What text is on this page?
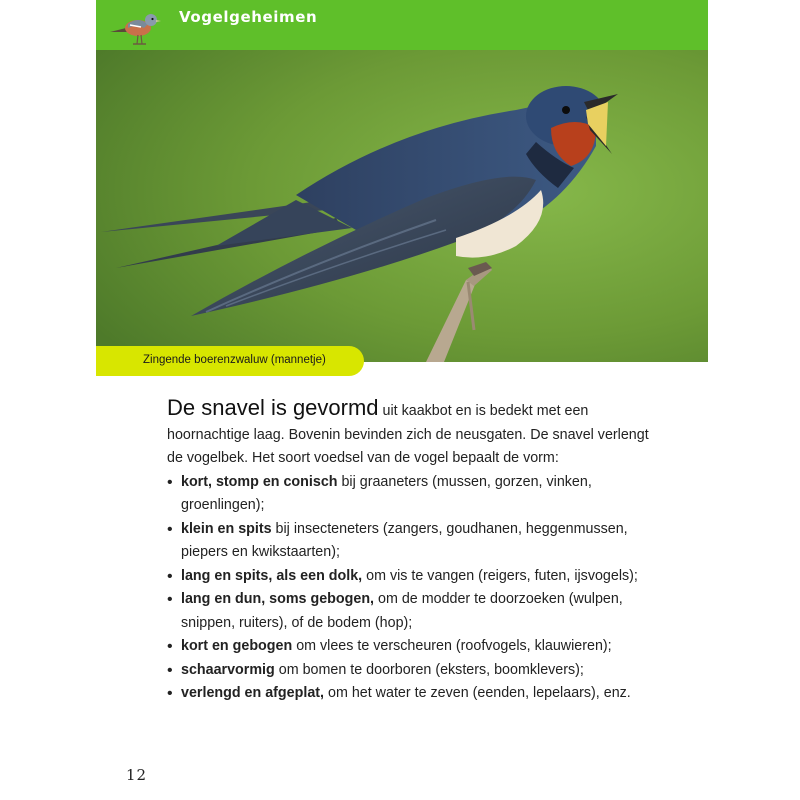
Vogelgeheimen
Zingende boerenzwaluw (mannetje)

De snavel is gevormd uit kaakbot en is bedekt met een hoornachtige laag. Bovenin bevinden zich de neusgaten. De snavel verlengt de vogelbek. Het soort voedsel van de vogel bepaalt de vorm:

• kort, stomp en conisch bij graaneters (mussen, gorzen, vinken, groenlingen);
• klein en spits bij insecteneters (zangers, goudhanen, heggenmussen, piepers en kwikstaarten);
• lang en spits, als een dolk, om vis te vangen (reigers, futen, ijsvogels);
• lang en dun, soms gebogen, om de modder te doorzoeken (wulpen, snippen, ruiters), of de bodem (hop);
• kort en gebogen om vlees te verscheuren (roofvogels, klauwieren);
• schaarvormig om bomen te doorboren (eksters, boomklevers);
• verlengd en afgeplat, om het water te zeven (eenden, lepelaars), enz.
12
